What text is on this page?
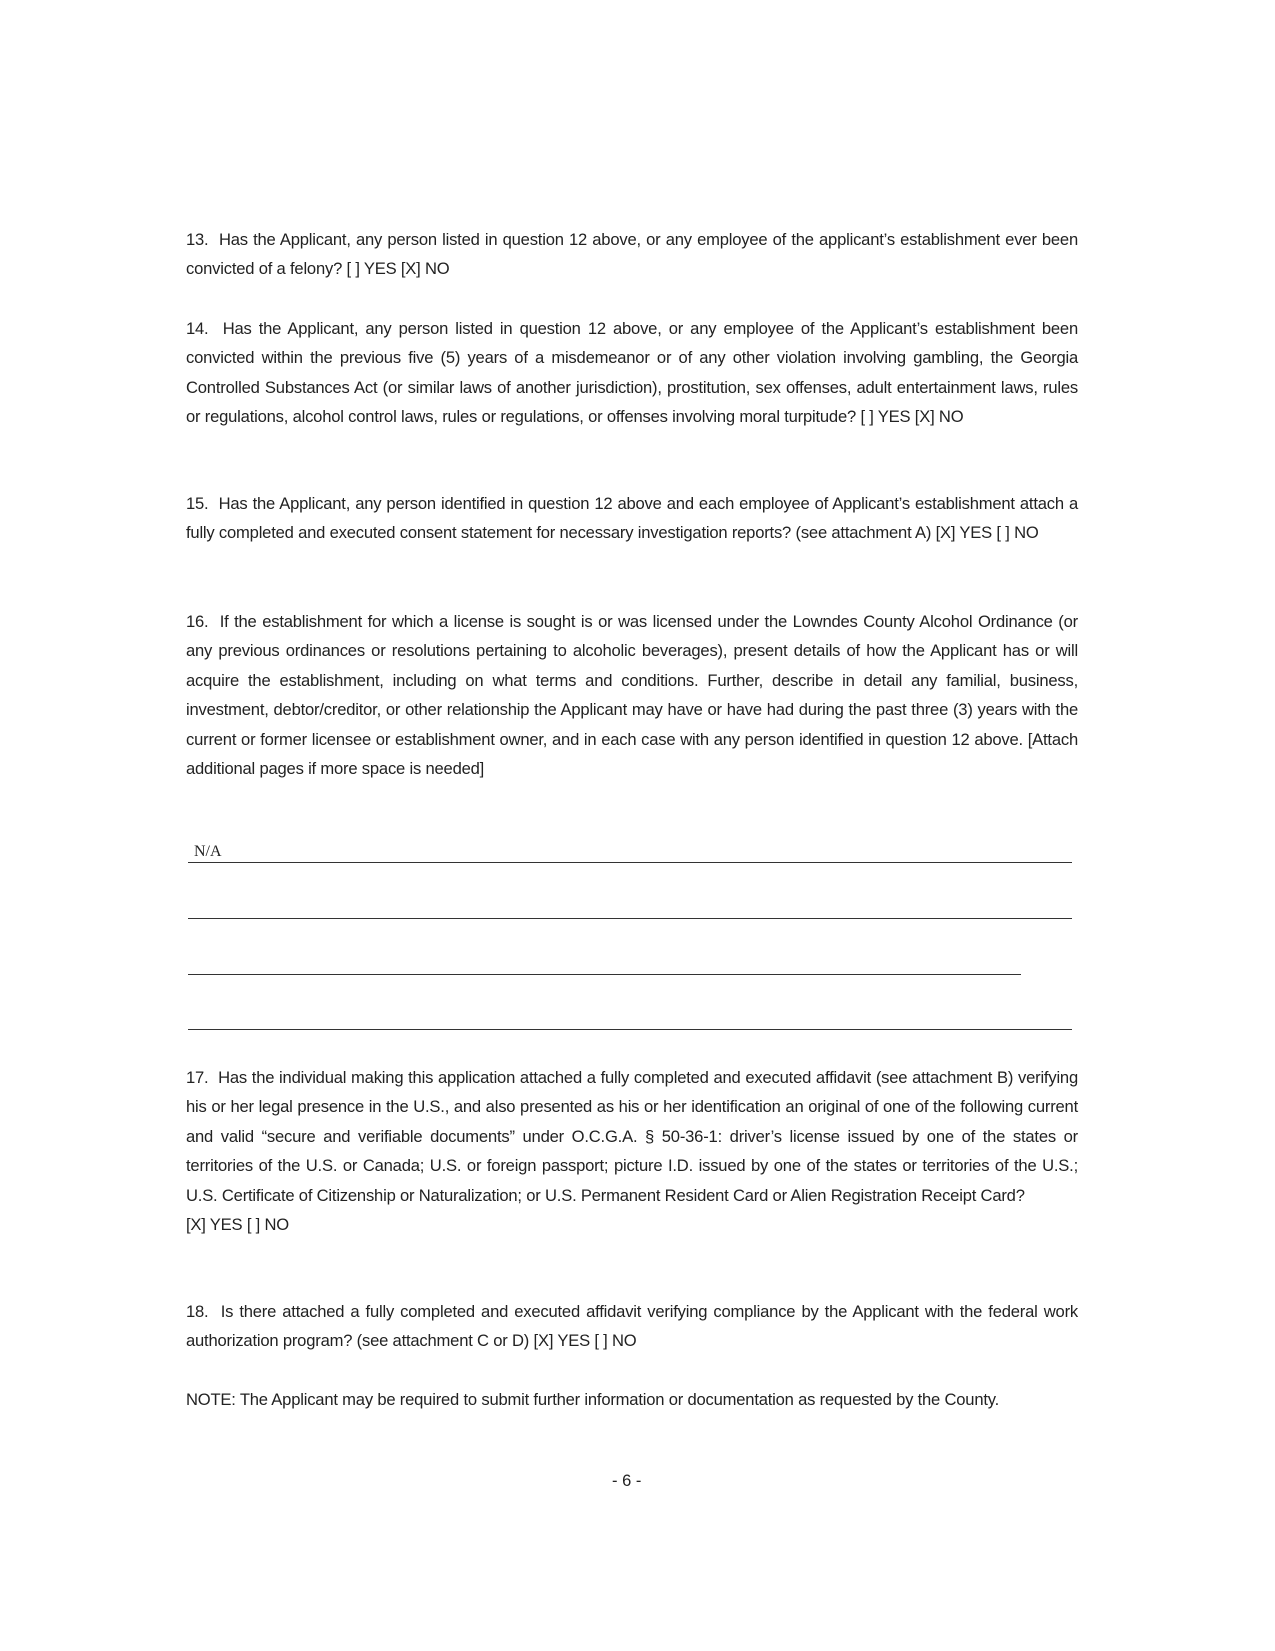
13. Has the Applicant, any person listed in question 12 above, or any employee of the applicant’s establishment ever been convicted of a felony? [ ] YES [X] NO
14. Has the Applicant, any person listed in question 12 above, or any employee of the Applicant’s establishment been convicted within the previous five (5) years of a misdemeanor or of any other violation involving gambling, the Georgia Controlled Substances Act (or similar laws of another jurisdiction), prostitution, sex offenses, adult entertainment laws, rules or regulations, alcohol control laws, rules or regulations, or offenses involving moral turpitude? [ ] YES [X] NO
15. Has the Applicant, any person identified in question 12 above and each employee of Applicant’s establishment attach a fully completed and executed consent statement for necessary investigation reports? (see attachment A) [X] YES [ ] NO
16. If the establishment for which a license is sought is or was licensed under the Lowndes County Alcohol Ordinance (or any previous ordinances or resolutions pertaining to alcoholic beverages), present details of how the Applicant has or will acquire the establishment, including on what terms and conditions. Further, describe in detail any familial, business, investment, debtor/creditor, or other relationship the Applicant may have or have had during the past three (3) years with the current or former licensee or establishment owner, and in each case with any person identified in question 12 above. [Attach additional pages if more space is needed]
N/A
17. Has the individual making this application attached a fully completed and executed affidavit (see attachment B) verifying his or her legal presence in the U.S., and also presented as his or her identification an original of one of the following current and valid “secure and verifiable documents” under O.C.G.A. § 50-36-1: driver’s license issued by one of the states or territories of the U.S. or Canada; U.S. or foreign passport; picture I.D. issued by one of the states or territories of the U.S.; U.S. Certificate of Citizenship or Naturalization; or U.S. Permanent Resident Card or Alien Registration Receipt Card?
[X] YES [ ] NO
18. Is there attached a fully completed and executed affidavit verifying compliance by the Applicant with the federal work authorization program? (see attachment C or D) [X] YES [ ] NO
NOTE: The Applicant may be required to submit further information or documentation as requested by the County.
- 6 -
